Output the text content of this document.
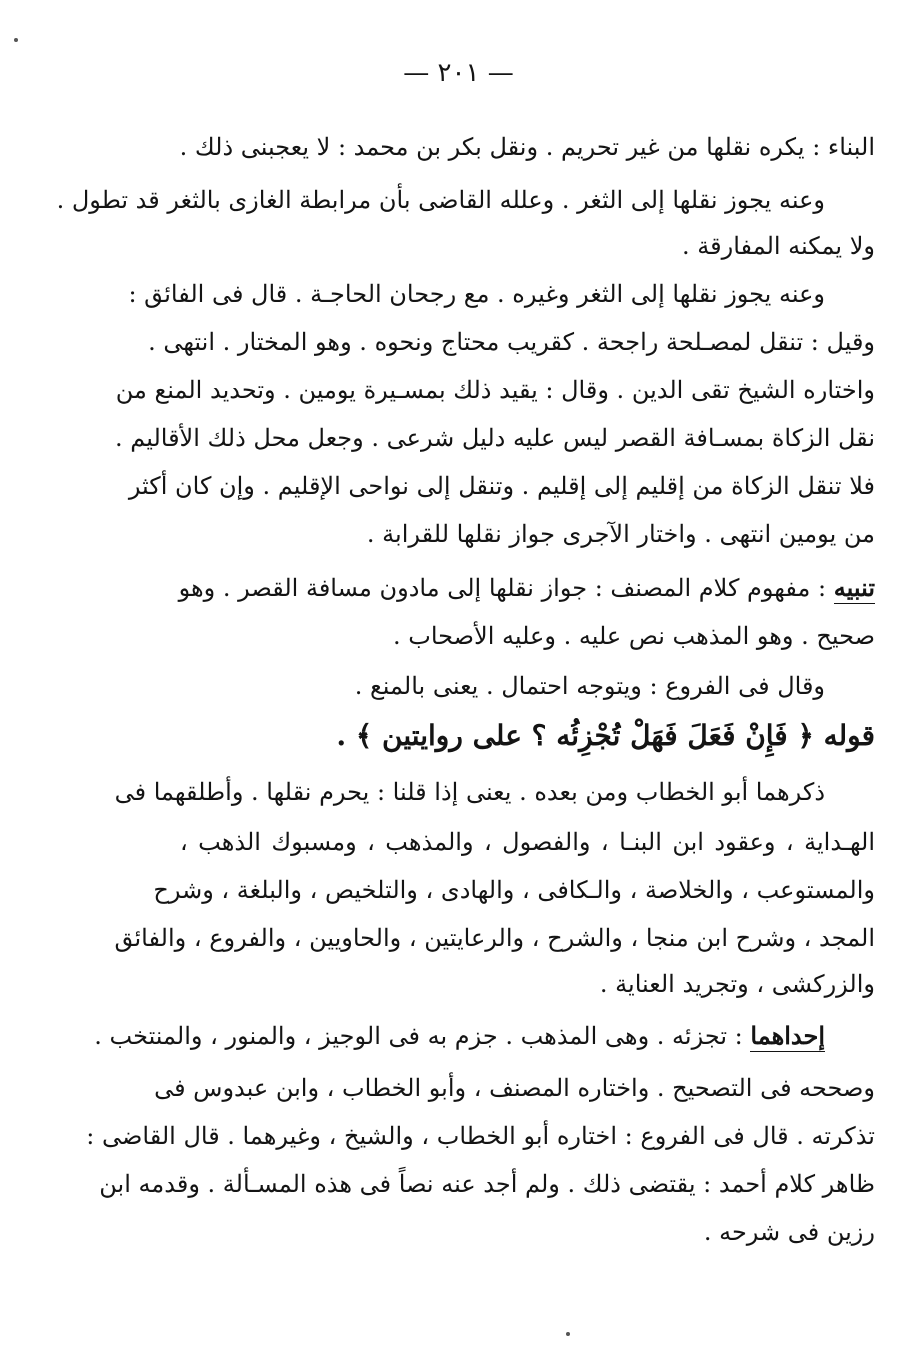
— ٢٠١ —
البناء : يكره نقلها من غير تحريم . ونقل بكر بن محمد : لا يعجبنى ذلك .
وعنه يجوز نقلها إلى الثغر . وعلله القاضى بأن مرابطة الغازى بالثغر قد تطول .
ولا يمكنه المفارقة .
وعنه يجوز نقلها إلى الثغر وغيره . مع رجحان الحاجـة . قال فى الفائق :
وقيل : تنقل لمصـلحة راجحة . كقريب محتاج ونحوه . وهو المختار . انتهى .
واختاره الشيخ تقى الدين . وقال : يقيد ذلك بمسـيرة يومين . وتحديد المنع من
نقل الزكاة بمسـافة القصر ليس عليه دليل شرعى . وجعل محل ذلك الأقاليم .
فلا تنقل الزكاة من إقليم إلى إقليم . وتنقل إلى نواحى الإقليم . وإن كان أكثر
من يومين انتهى . واختار الآجرى جواز نقلها للقرابة .
تنبيه : مفهوم كلام المصنف : جواز نقلها إلى مادون مسافة القصر . وهو
صحيح . وهو المذهب نص عليه . وعليه الأصحاب .
وقال فى الفروع : ويتوجه احتمال . يعنى بالمنع .
قوله ﴿ فَإِنْ فَعَلَ فَهَلْ تُجْزِئُه ؟ على روايتين ﴾ .
ذكرهما أبو الخطاب ومن بعده . يعنى إذا قلنا : يحرم نقلها . وأطلقهما فى
الهـداية ، وعقود ابن البنـا ، والفصول ، والمذهب ، ومسبوك الذهب ،
والمستوعب ، والخلاصة ، والـكافى ، والهادى ، والتلخيص ، والبلغة ، وشرح
المجد ، وشرح ابن منجا ، والشرح ، والرعايتين ، والحاويين ، والفروع ، والفائق
والزركشى ، وتجريد العناية .
إحداهما : تجزئه . وهى المذهب . جزم به فى الوجيز ، والمنور ، والمنتخب .
وصححه فى التصحيح . واختاره المصنف ، وأبو الخطاب ، وابن عبدوس فى
تذكرته . قال فى الفروع : اختاره أبو الخطاب ، والشيخ ، وغيرهما . قال القاضى :
ظاهر كلام أحمد : يقتضى ذلك . ولم أجد عنه نصاً فى هذه المسـألة . وقدمه ابن
رزين فى شرحه .
